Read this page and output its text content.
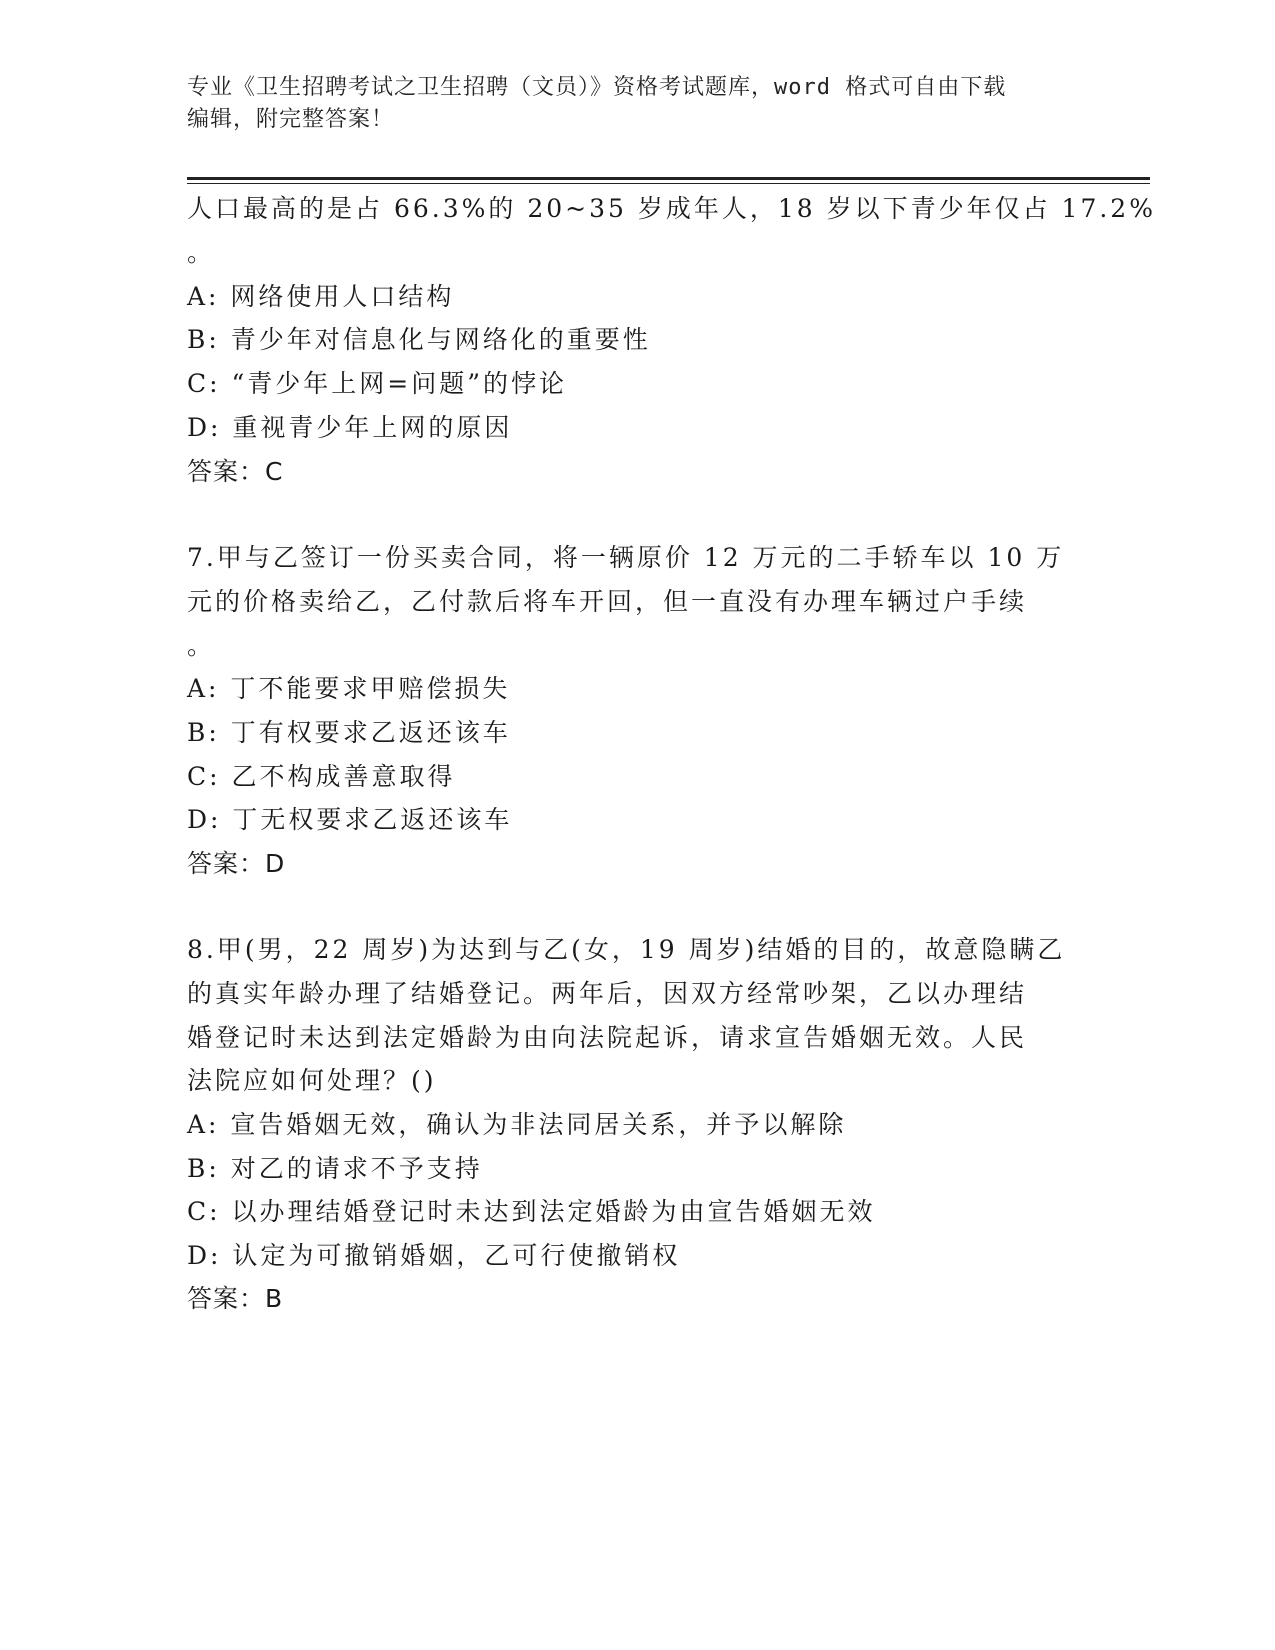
专业《卫生招聘考试之卫生招聘（文员）》资格考试题库，word 格式可自由下载
编辑，附完整答案！
人口最高的是占 66.3%的 20~35 岁成年人，18 岁以下青少年仅占 17.2%
。
A: 网络使用人口结构
B: 青少年对信息化与网络化的重要性
C: “青少年上网=问题”的悖论
D: 重视青少年上网的原因
答案：C
7.甲与乙签订一份买卖合同，将一辆原价 12 万元的二手轿车以 10 万
元的价格卖给乙，乙付款后将车开回，但一直没有办理车辆过户手续
。
A: 丁不能要求甲赔偿损失
B: 丁有权要求乙返还该车
C: 乙不构成善意取得
D: 丁无权要求乙返还该车
答案：D
8.甲(男，22 周岁)为达到与乙(女，19 周岁)结婚的目的，故意隐瞒乙
的真实年龄办理了结婚登记。两年后，因双方经常吵架，乙以办理结
婚登记时未达到法定婚龄为由向法院起诉，请求宣告婚姻无效。人民
法院应如何处理？()
A: 宣告婚姻无效，确认为非法同居关系，并予以解除
B: 对乙的请求不予支持
C: 以办理结婚登记时未达到法定婚龄为由宣告婚姻无效
D: 认定为可撤销婚姻，乙可行使撤销权
答案：B
